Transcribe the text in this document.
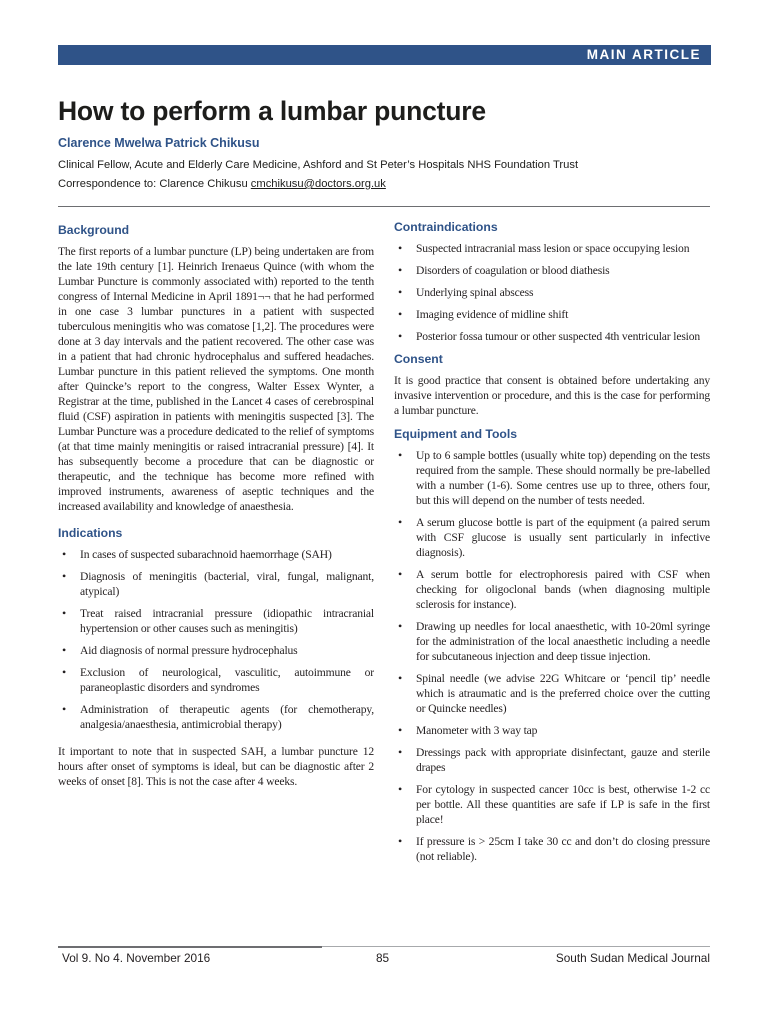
MAIN ARTICLE
How to perform a lumbar puncture
Clarence Mwelwa Patrick Chikusu
Clinical Fellow, Acute and Elderly Care Medicine, Ashford and St Peter’s Hospitals NHS Foundation Trust
Correspondence to: Clarence Chikusu cmchikusu@doctors.org.uk
Background

The first reports of a lumbar puncture (LP) being undertaken are from the late 19th century [1]. Heinrich Irenaeus Quince (with whom the Lumbar Puncture is commonly associated with) reported to the tenth congress of Internal Medicine in April 1891¬¬ that he had performed in one case 3 lumbar punctures in a patient with suspected tuberculous meningitis who was comatose [1,2]. The procedures were done at 3 day intervals and the patient recovered. The other case was in a patient that had chronic hydrocephalus and suffered headaches. Lumbar puncture in this patient relieved the symptoms. One month after Quincke’s report to the congress, Walter Essex Wynter, a Registrar at the time, published in the Lancet 4 cases of cerebrospinal fluid (CSF) aspiration in patients with meningitis suspected [3]. The Lumbar Puncture was a procedure dedicated to the relief of symptoms (at that time mainly meningitis or raised intracranial pressure) [4]. It has subsequently become a procedure that can be diagnostic or therapeutic, and the technique has become more refined with improved instruments, awareness of aseptic techniques and the increased availability and knowledge of anaesthesia.

Indications
• In cases of suspected subarachnoid haemorrhage (SAH)
• Diagnosis of meningitis (bacterial, viral, fungal, malignant, atypical)
• Treat raised intracranial pressure (idiopathic intracranial hypertension or other causes such as meningitis)
• Aid diagnosis of normal pressure hydrocephalus
• Exclusion of neurological, vasculitic, autoimmune or paraneoplastic disorders and syndromes
• Administration of therapeutic agents (for chemotherapy, analgesia/anaesthesia, antimicrobial therapy)

It important to note that in suspected SAH, a lumbar puncture 12 hours after onset of symptoms is ideal, but can be diagnostic after 2 weeks of onset [8]. This is not the case after 4 weeks.

Contraindications
• Suspected intracranial mass lesion or space occupying lesion
• Disorders of coagulation or blood diathesis
• Underlying spinal abscess
• Imaging evidence of midline shift
• Posterior fossa tumour or other suspected 4th ventricular lesion
Consent

It is good practice that consent is obtained before undertaking any invasive intervention or procedure, and this is the case for performing a lumbar puncture.

Equipment and Tools
• Up to 6 sample bottles (usually white top) depending on the tests required from the sample. These should normally be pre-labelled with a number (1-6). Some centres use up to three, others four, but this will depend on the number of tests needed.
• A serum glucose bottle is part of the equipment (a paired serum with CSF glucose is usually sent particularly in infective diagnosis).
• A serum bottle for electrophoresis paired with CSF when checking for oligoclonal bands (when diagnosing multiple sclerosis for instance).
• Drawing up needles for local anaesthetic, with 10-20ml syringe for the administration of the local anaesthetic including a needle for subcutaneous injection and deep tissue injection.
• Spinal needle (we advise 22G Whitcare or ‘pencil tip’ needle which is atraumatic and is the preferred choice over the cutting or Quincke needles)
• Manometer with 3 way tap
• Dressings pack with appropriate disinfectant, gauze and sterile drapes
• For cytology in suspected cancer 10cc is best, otherwise 1-2 cc per bottle. All these quantities are safe if LP is safe in the first place!
• If pressure is > 25cm I take 30 cc and don’t do closing pressure (not reliable).
Vol 9. No 4. November 2016	85	South Sudan Medical Journal
